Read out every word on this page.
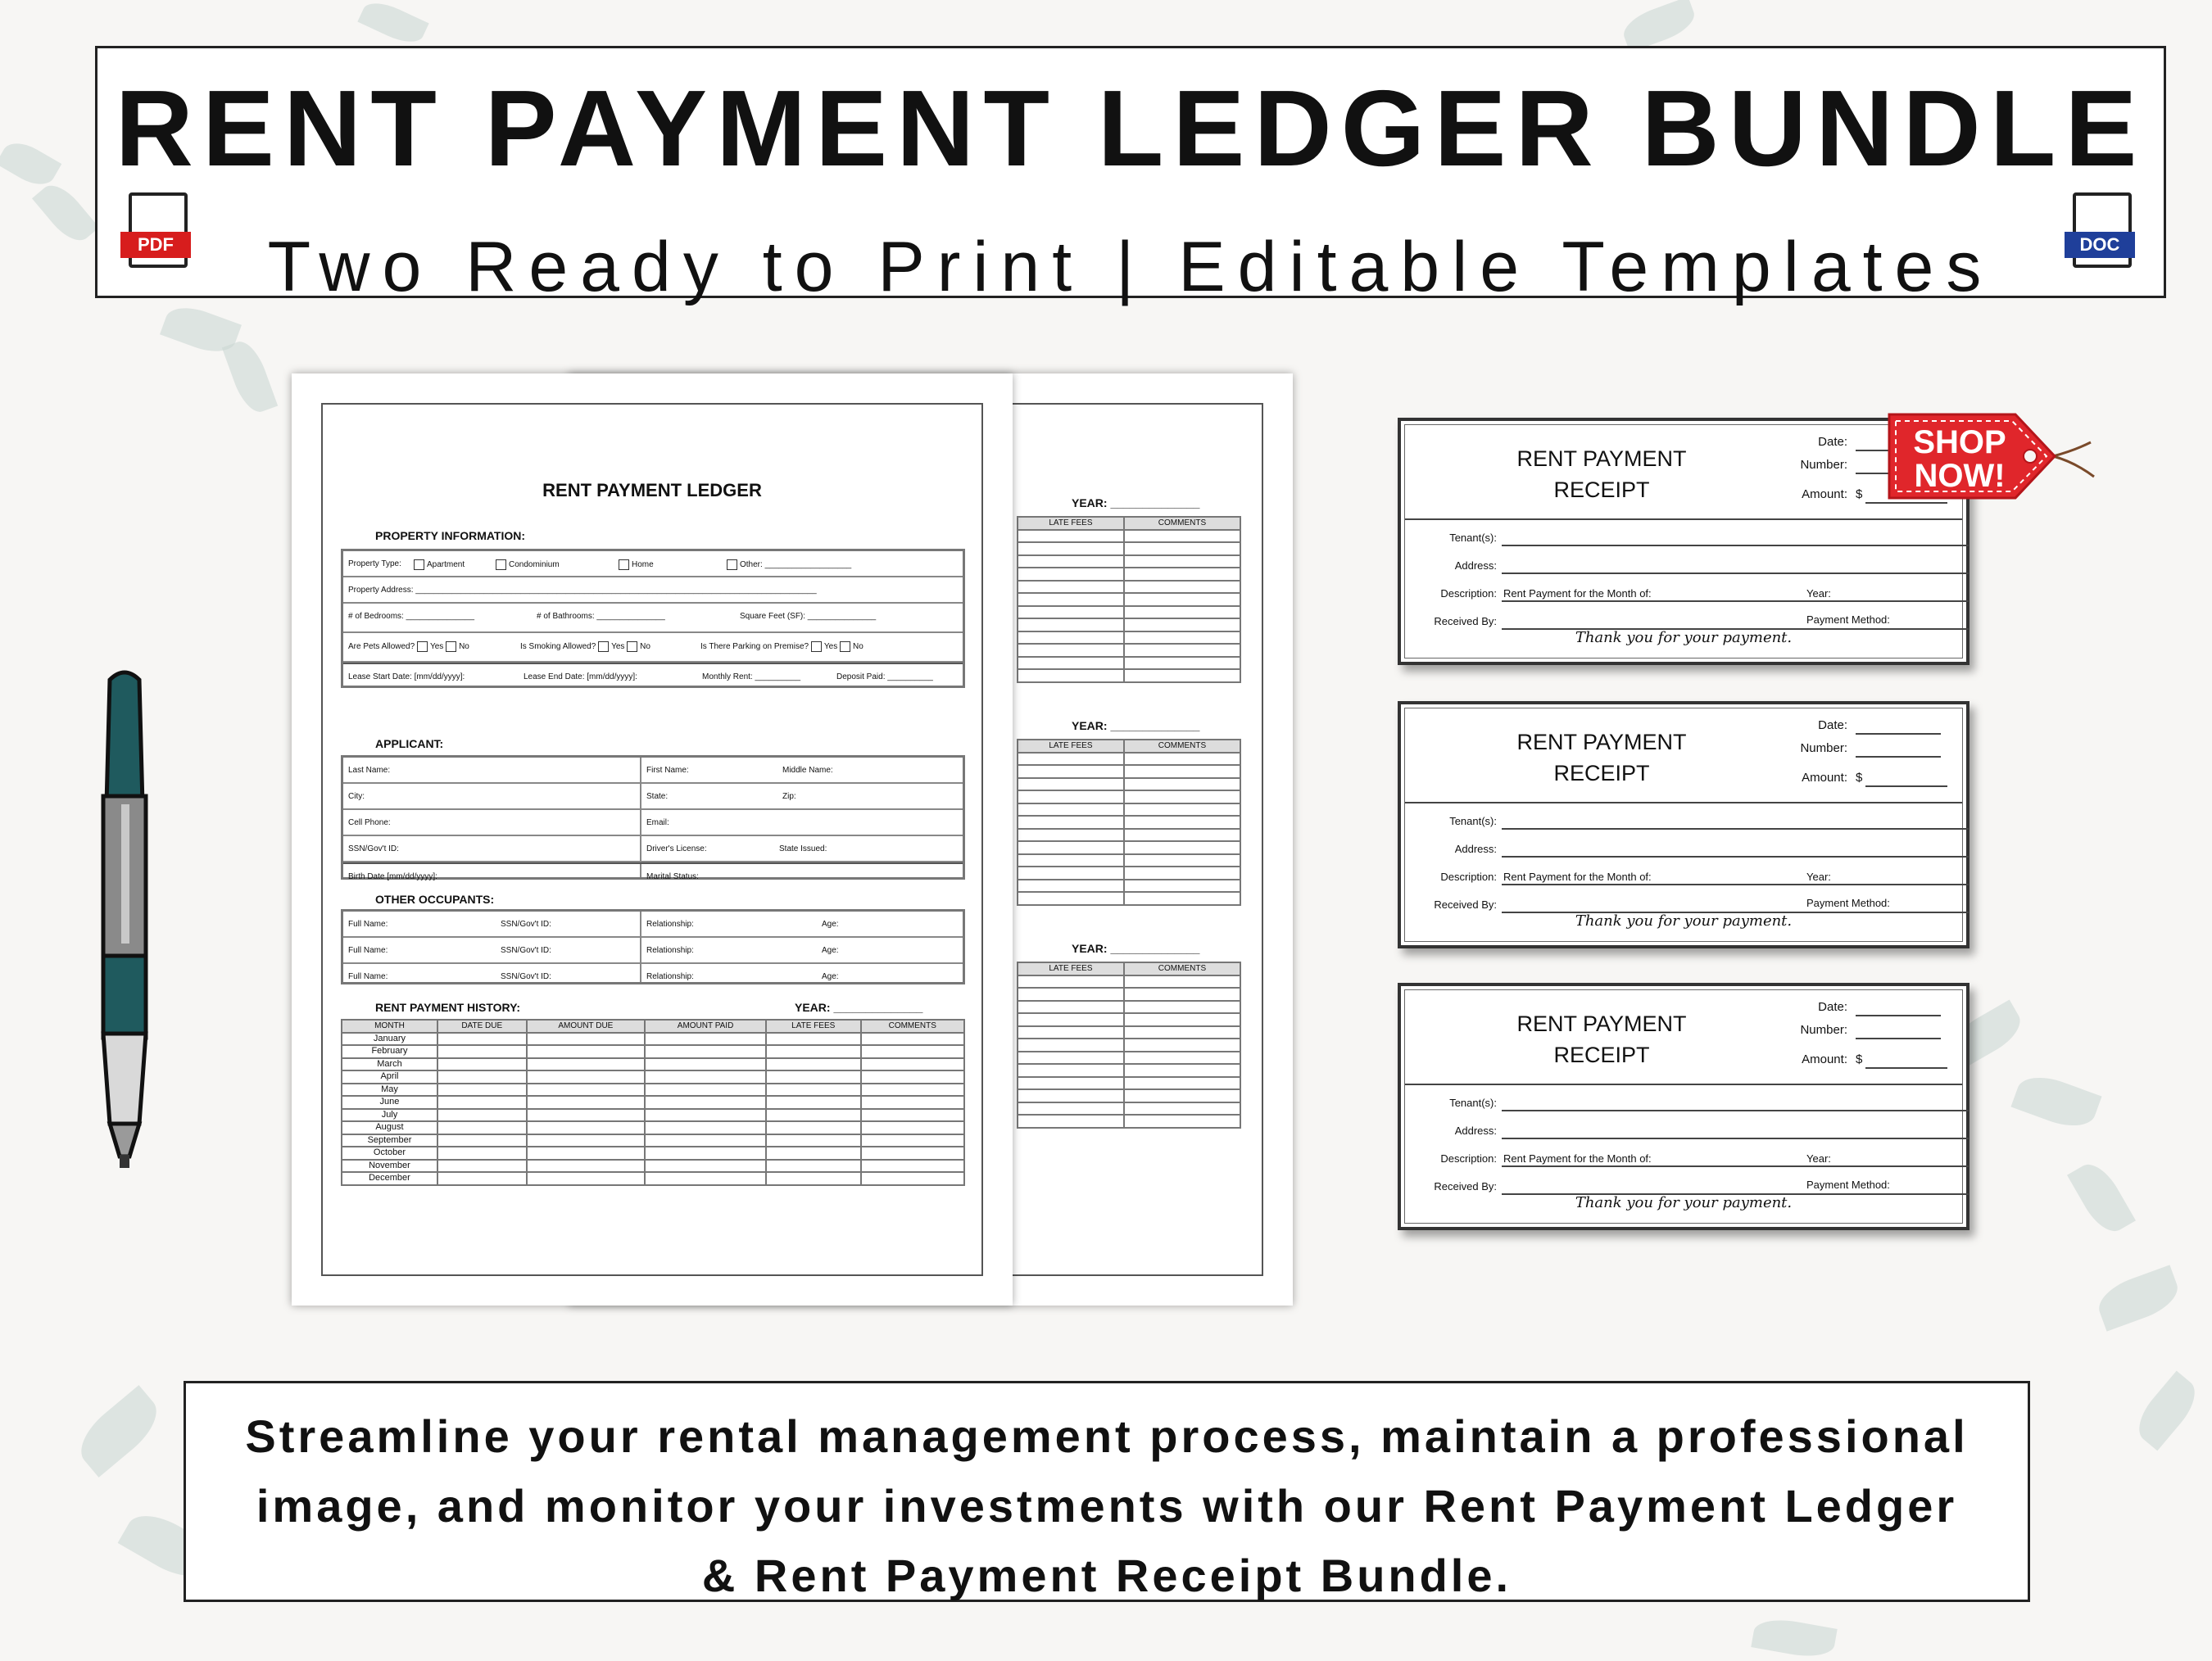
RENT PAYMENT LEDGER BUNDLE
PDF	Two Ready to Print | Editable Templates	DOC
YEAR: ______________
LATE FEES	COMMENTS

YEAR: ______________
LATE FEES	COMMENTS

YEAR: ______________
LATE FEES	COMMENTS

RENT PAYMENT LEDGER
PROPERTY INFORMATION:
Property Type:	Apartment	Condominium	Home	Other: ___________________
Property Address: ________________________________________________________________________________________
# of Bedrooms: _______________	# of Bathrooms: _______________	Square Feet (SF): _______________
Are Pets Allowed? Yes No	Is Smoking Allowed? Yes No	Is There Parking on Premise? Yes No
Lease Start Date: [mm/dd/yyyy]:	Lease End Date: [mm/dd/yyyy]:	Monthly Rent: __________	Deposit Paid: __________
APPLICANT:
Last Name:	First Name:	Middle Name:
City:	State:	Zip:
Cell Phone:	Email:
SSN/Gov't ID:	Driver's License:	State Issued:
Birth Date [mm/dd/yyyy]:	Marital Status:
OTHER OCCUPANTS:
Full Name:	SSN/Gov't ID:	Relationship:	Age:
Full Name:	SSN/Gov't ID:	Relationship:	Age:
Full Name:	SSN/Gov't ID:	Relationship:	Age:
RENT PAYMENT HISTORY:	YEAR: ______________
MONTH	DATE DUE	AMOUNT DUE	AMOUNT PAID	LATE FEES	COMMENTS
January					
February					
March					
April					
May					
June					
July					
August					
September					
October					
November					
December					
RENT PAYMENT
RECEIPT
Date:
Number:
Amount: $
Tenant(s):
Address:
Description: Rent Payment for the Month of:	Year:
Received By:	Payment Method:
Thank you for your payment.
RENT PAYMENT
RECEIPT
Date:
Number:
Amount: $
Tenant(s):
Address:
Description: Rent Payment for the Month of:	Year:
Received By:	Payment Method:
Thank you for your payment.
RENT PAYMENT
RECEIPT
Date:
Number:
Amount: $
Tenant(s):
Address:
Description: Rent Payment for the Month of:	Year:
Received By:	Payment Method:
Thank you for your payment.
SHOP
NOW!
Streamline your rental management process, maintain a professional image, and monitor your investments with our Rent Payment Ledger & Rent Payment Receipt Bundle.
